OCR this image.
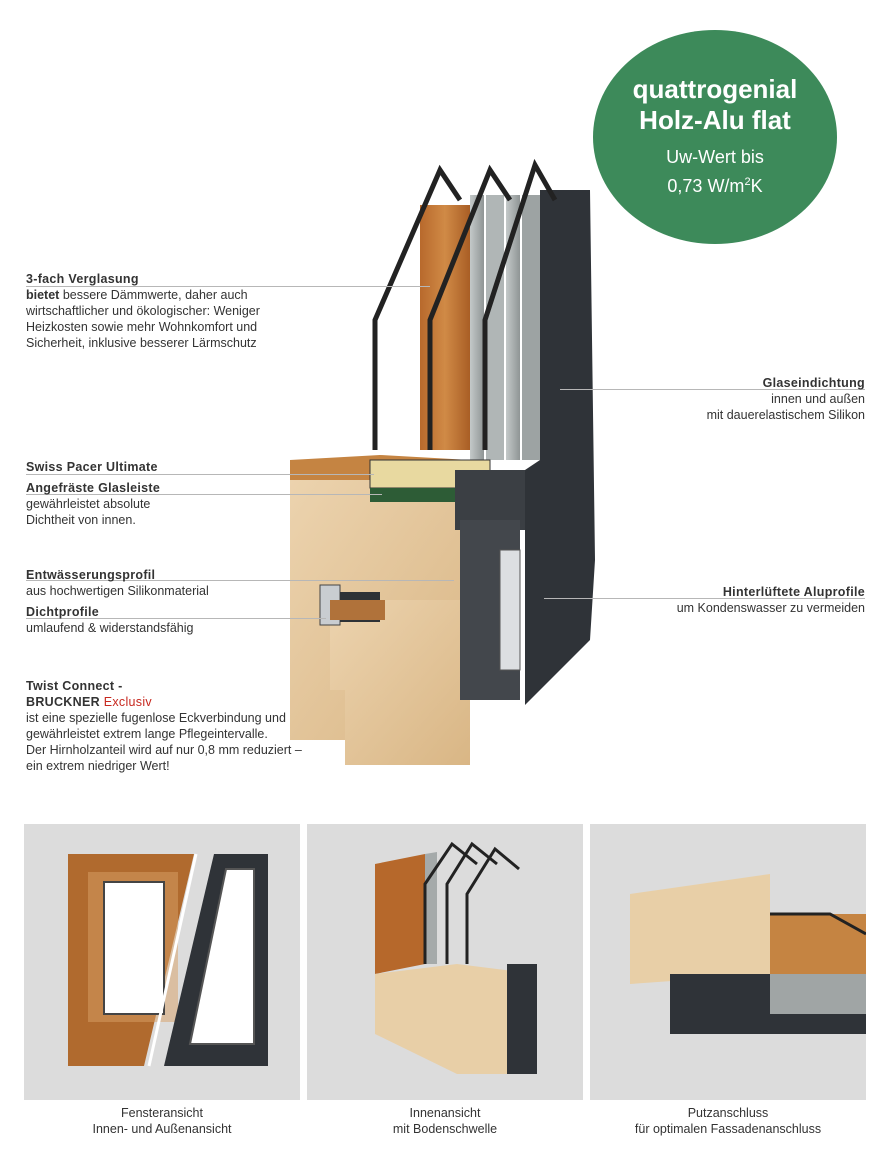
quattrogenial
Holz-Alu flat
Uw-Wert bis
0,73 $W/m^2K$
3-fach Verglasung
bietet bessere Dämmwerte, daher auch
wirtschaftlicher und ökologischer: Weniger
Heizkosten sowie mehr Wohnkomfort und
Sicherheit, inklusive besserer Lärmschutz
Swiss Pacer Ultimate
Angefräste Glasleiste
gewährleistet absolute
Dichtheit von innen.
Entwässerungsprofil
aus hochwertigen Silikonmaterial
Dichtprofile
umlaufend & widerstandsfähig
Twist Connect -
BRUCKNER Exclusiv
ist eine spezielle fugenlose Eckverbindung und
gewährleistet extrem lange Pflegeintervalle.
Der Hirnholzanteil wird auf nur 0,8 mm reduziert –
ein extrem niedriger Wert!
Glaseindichtung
innen und außen
mit dauerelastischem Silikon
Hinterlüftete Aluprofile
um Kondenswasser zu vermeiden
Fensteransicht
Innen- und Außenansicht
Innenansicht
mit Bodenschwelle
Putzanschluss
für optimalen Fassadenanschluss
